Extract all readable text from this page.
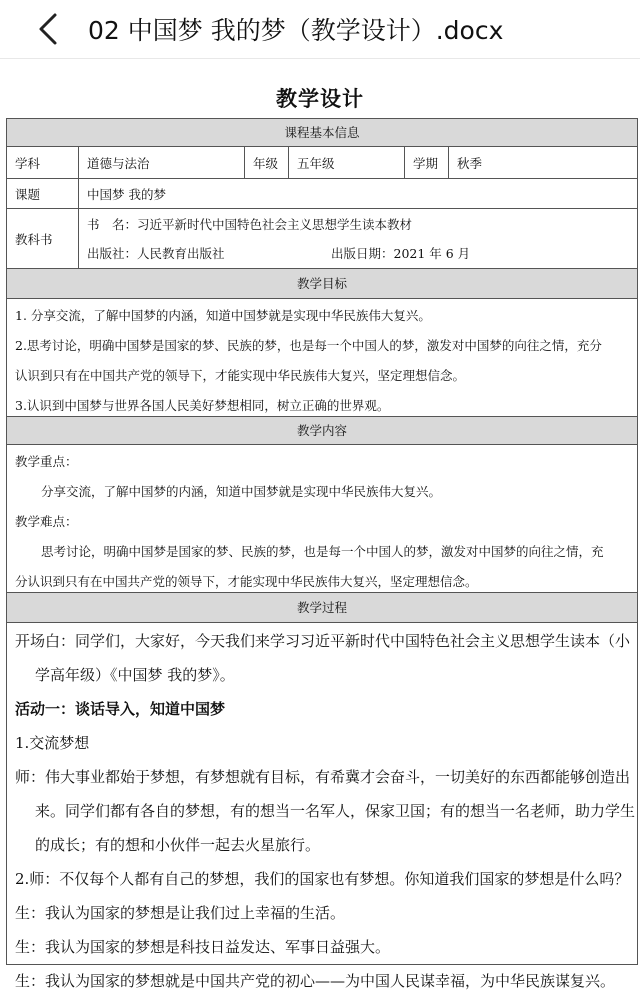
02 中国梦 我的梦（教学设计）.docx
教学设计
课程基本信息
学科	道德与法治	年级	五年级	学期	秋季
课题	中国梦 我的梦
教科书
书　名：习近平新时代中国特色社会主义思想学生读本教材
出版社：人民教育出版社	出版日期：2021 年 6 月
教学目标
1. 分享交流，了解中国梦的内涵，知道中国梦就是实现中华民族伟大复兴。
2.思考讨论，明确中国梦是国家的梦、民族的梦，也是每一个中国人的梦，激发对中国梦的向往之情，充分
认识到只有在中国共产党的领导下，才能实现中华民族伟大复兴，坚定理想信念。
3.认识到中国梦与世界各国人民美好梦想相同，树立正确的世界观。
教学内容
教学重点：
分享交流，了解中国梦的内涵，知道中国梦就是实现中华民族伟大复兴。
教学难点：
思考讨论，明确中国梦是国家的梦、民族的梦，也是每一个中国人的梦，激发对中国梦的向往之情，充
分认识到只有在中国共产党的领导下，才能实现中华民族伟大复兴，坚定理想信念。
教学过程
开场白：同学们，大家好，今天我们来学习习近平新时代中国特色社会主义思想学生读本（小
学高年级）《中国梦 我的梦》。
活动一：谈话导入，知道中国梦
1.交流梦想
师：伟大事业都始于梦想，有梦想就有目标，有希冀才会奋斗，一切美好的东西都能够创造出
来。同学们都有各自的梦想，有的想当一名军人，保家卫国；有的想当一名老师，助力学生
的成长；有的想和小伙伴一起去火星旅行。
2.师：不仅每个人都有自己的梦想，我们的国家也有梦想。你知道我们国家的梦想是什么吗？
生：我认为国家的梦想是让我们过上幸福的生活。
生：我认为国家的梦想是科技日益发达、军事日益强大。
生：我认为国家的梦想就是中国共产党的初心——为中国人民谋幸福，为中华民族谋复兴。
